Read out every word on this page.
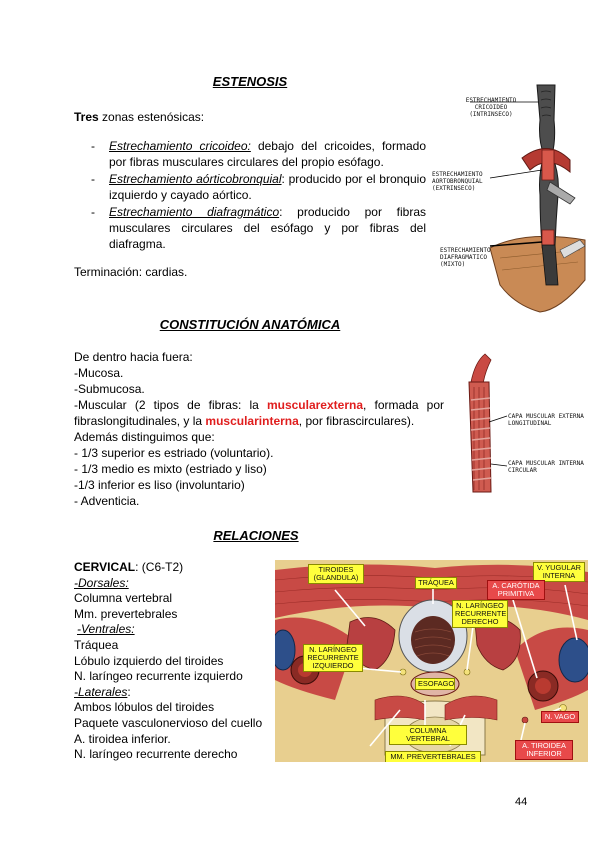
ESTENOSIS
Tres zonas estenósicas:
- Estrechamiento cricoideo: debajo del cricoides, formado por fibras musculares circulares del propio esófago.
- Estrechamiento aórticobronquial: producido por el bronquio izquierdo y cayado aórtico.
- Estrechamiento diafragmático: producido por fibras musculares circulares del esófago y por fibras del diafragma.
Terminación: cardias.
ESTRECHAMIENTO CRICOIDEO (INTRINSECO)
ESTRECHAMIENTO AORTOBRONQUIAL (EXTRINSECO)
ESTRECHAMIENTO DIAFRAGMATICO (MIXTO)
CONSTITUCIÓN ANATÓMICA
De dentro hacia fuera:
-Mucosa.
-Submucosa.
-Muscular (2 tipos de fibras: la muscularexterna, formada por fibraslongitudinales, y la muscularinterna, por fibrascirculares).
Además distinguimos que:
- 1/3 superior es estriado (voluntario).
- 1/3 medio es mixto (estriado y liso)
-1/3 inferior es liso (involuntario)
- Adventicia.
CAPA MUSCULAR EXTERNA LONGITUDINAL
CAPA MUSCULAR INTERNA CIRCULAR
RELACIONES
CERVICAL: (C6-T2)
-Dorsales:
Columna vertebral
Mm. prevertebrales
-Ventrales:
Tráquea
Lóbulo izquierdo del tiroides
N. laríngeo recurrente izquierdo
-Laterales:
Ambos lóbulos del tiroides
Paquete vasculonervioso del cuello
A. tiroidea inferior.
N. laríngeo recurrente derecho
TIROIDES (GLANDULA)
TRÁQUEA
V. YUGULAR INTERNA
A. CARÓTIDA PRIMITIVA
N. LARÍNGEO RECURRENTE DERECHO
N. LARÍNGEO RECURRENTE IZQUIERDO
ESOFAGO
N. VAGO
COLUMNA VERTEBRAL
MM. PREVERTEBRALES
A. TIROIDEA INFERIOR
44
